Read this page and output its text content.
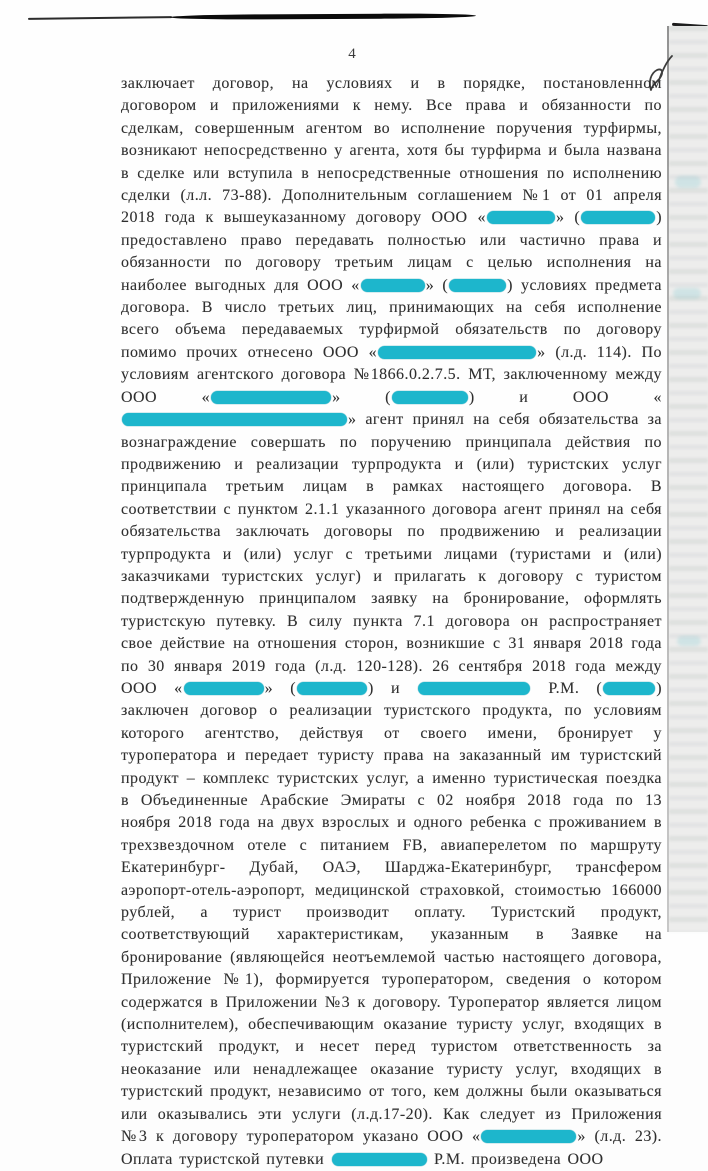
4
заключает договор, на условиях и в порядке, постановленном договором и приложениями к нему. Все права и обязанности по сделкам, совершенным агентом во исполнение поручения турфирмы, возникают непосредственно у агента, хотя бы турфирма и была названа в сделке или вступила в непосредственные отношения по исполнению сделки (л.л. 73-88). Дополнительным соглашением №1 от 01 апреля 2018 года к вышеуказанному договору ООО «	» (	) предоставлено право передавать полностью или частично права и обязанности по договору третьим лицам с целью исполнения на наиболее выгодных для ООО «	» (	) условиях предмета договора. В число третьих лиц, принимающих на себя исполнение всего объема передаваемых турфирмой обязательств по договору помимо прочих отнесено ООО «	» (л.д. 114). По условиям агентского договора №1866.0.2.7.5. МТ, заключенному между ООО «	» (	) и ООО «» агент принял на себя обязательства за вознаграждение совершать по поручению принципала действия по продвижению и реализации турпродукта и (или) туристских услуг принципала третьим лицам в рамках настоящего договора. В соответствии с пунктом 2.1.1 указанного договора агент принял на себя обязательства заключать договоры по продвижению и реализации турпродукта и (или) услуг с третьими лицами (туристами и (или) заказчиками туристских услуг) и прилагать к договору с туристом подтвержденную принципалом заявку на бронирование, оформлять туристскую путевку. В силу пункта 7.1 договора он распространяет свое действие на отношения сторон, возникшие с 31 января 2018 года по 30 января 2019 года (л.д. 120-128). 26 сентября 2018 года между ООО «	» (	) и	Р.М. (	) заключен договор о реализации туристского продукта, по условиям которого агентство, действуя от своего имени, бронирует у туроператора и передает туристу права на заказанный им туристский продукт – комплекс туристских услуг, а именно туристическая поездка в Объединенные Арабские Эмираты с 02 ноября 2018 года по 13 ноября 2018 года на двух взрослых и одного ребенка с проживанием в трехзвездочном отеле с питанием FB, авиаперелетом по маршруту Екатеринбург- Дубай, ОАЭ, Шарджа-Екатеринбург, трансфером аэропорт-отель-аэропорт, медицинской страховкой, стоимостью 166000 рублей, а турист производит оплату. Туристский продукт, соответствующий характеристикам, указанным в Заявке на бронирование (являющейся неотъемлемой частью настоящего договора, Приложение №1), формируется туроператором, сведения о котором содержатся в Приложении №3 к договору. Туроператор является лицом (исполнителем), обеспечивающим оказание туристу услуг, входящих в туристский продукт, и несет перед туристом ответственность за неоказание или ненадлежащее оказание туристу услуг, входящих в туристский продукт, независимо от того, кем должны были оказываться или оказывались эти услуги (л.д.17-20). Как следует из Приложения №3 к договору туроператором указано ООО «	» (л.д. 23). Оплата туристской путевки	Р.М. произведена ООО
